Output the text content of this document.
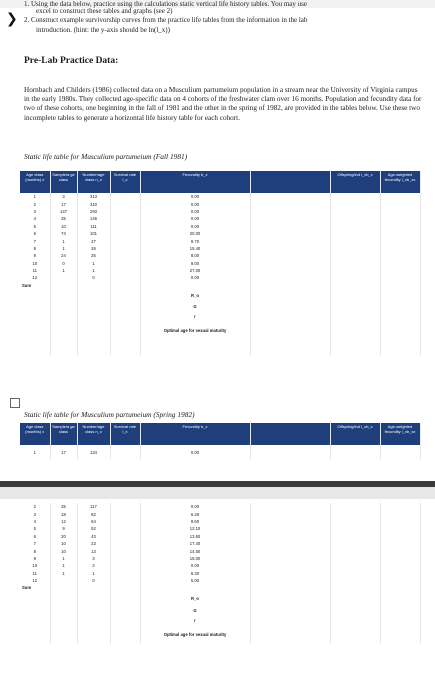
1. Using the data below, practice using the calculations static vertical life history tables. You may use
❯	excel to construct these tables and graphs (see 2)
2. Construct example survivorship curves from the practice life tables from the information in the lab
introduction. (hint: the y-axis should be ln(l_x))
Pre-Lab Practice Data:
Hornbach and Childers (1986) collected data on a Musculium partumeium population in a stream near the University of Virginia campus in the early 1980s. They collected age-specific data on 4 cohorts of the freshwater clam over 16 months. Population and fecundity data for two of these cohorts, one beginning in the fall of 1981 and the other in the spring of 1982, are provided in the tables below. Use these two incomplete tables to generate a horizontal life history table for each cohort.
Static life table for Musculium partumeium (Fall 1981)
Age class (months) x	Sample/a ge class	Number/age class n_x	Survival rate l_x	Fecundity b_x		Offspring/ind l_xb_x	Age-weighted fecundity l_xb_xx
1	3	313		0.00			
2	17	310		0.00			
3	147	293		0.00			
4	35	146		0.00			
5	10	111		0.00			
6	74	101		20.00			
7	1	27		9.70			
8	1	26		15.40			
9	24	25		8.00			
10	0	1		9.00			
11	1	1		27.00			
12		0		0.00			
Sum							
				R_o			
				G			
				r			
				Optimal age for sexual maturity			

Static life table for Musculium partumeium (Spring 1982)
Age class (months) x	Sample/a ge class	Number/age class n_x	Survival rate l_x	Fecundity b_x		Offspring/ind l_xb_x	Age-weighted fecundity l_xb_xx
1	17	134		0.00			
2	35	117		0.00			
3	18	82		6.28			
4	12	64		9.60			
5	9	52		12.10			
6	20	43		13.60			
7	10	23		17.40			
8	10	13		14.50			
9	1	3		15.00			
10	1	2		0.00			
11	1	1		8.30			
12		0		5.00			
Sum							
				R_o			
				G			
				r			
				Optimal age for sexual maturity			
